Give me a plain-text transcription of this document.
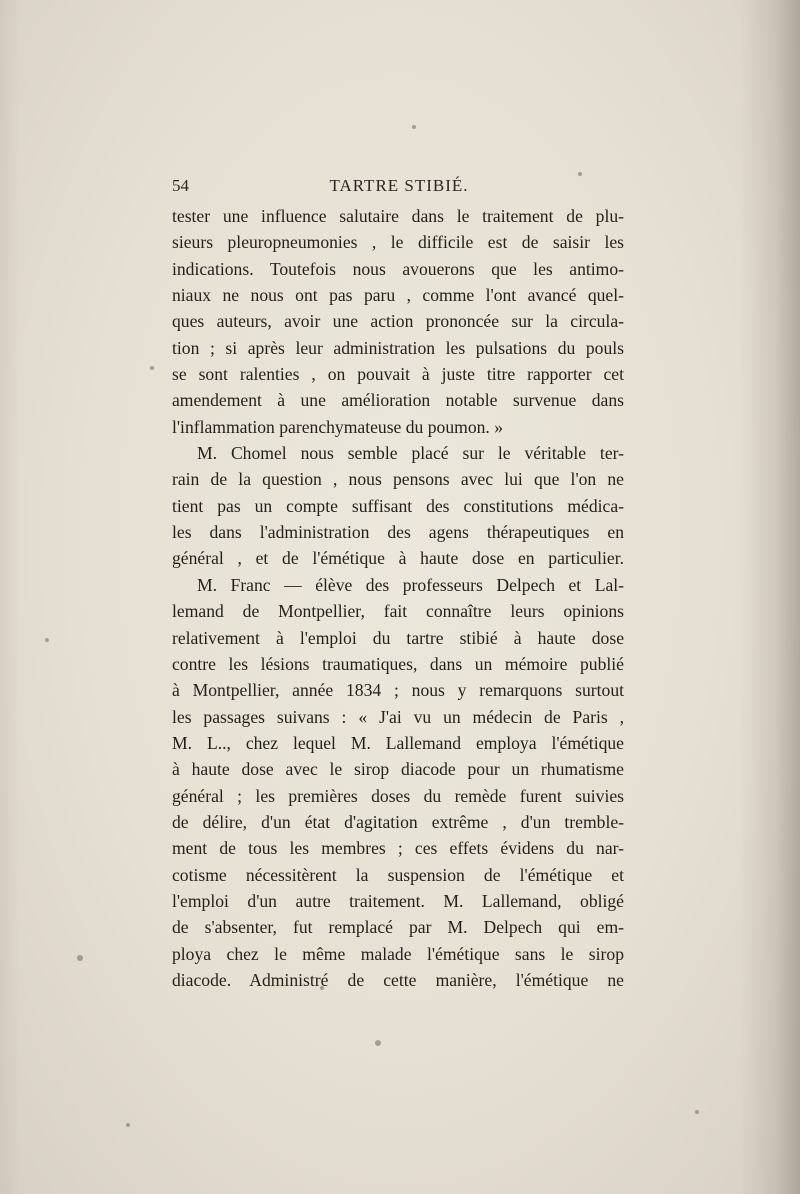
54	TARTRE STIBIÉ.
tester une influence salutaire dans le traitement de plu-
sieurs pleuropneumonies , le difficile est de saisir les
indications. Toutefois nous avouerons que les antimo-
niaux ne nous ont pas paru , comme l'ont avancé quel-
ques auteurs, avoir une action prononcée sur la circula-
tion ; si après leur administration les pulsations du pouls
se sont ralenties , on pouvait à juste titre rapporter cet
amendement à une amélioration notable survenue dans
l'inflammation parenchymateuse du poumon. »
M. Chomel nous semble placé sur le véritable ter-
rain de la question , nous pensons avec lui que l'on ne
tient pas un compte suffisant des constitutions médica-
les dans l'administration des agens thérapeutiques en
général , et de l'émétique à haute dose en particulier.
M. Franc — élève des professeurs Delpech et Lal-
lemand de Montpellier, fait connaître leurs opinions
relativement à l'emploi du tartre stibié à haute dose
contre les lésions traumatiques, dans un mémoire publié
à Montpellier, année 1834 ; nous y remarquons surtout
les passages suivans : « J'ai vu un médecin de Paris ,
M. L.., chez lequel M. Lallemand employa l'émétique
à haute dose avec le sirop diacode pour un rhumatisme
général ; les premières doses du remède furent suivies
de délire, d'un état d'agitation extrême , d'un tremble-
ment de tous les membres ; ces effets évidens du nar-
cotisme nécessitèrent la suspension de l'émétique et
l'emploi d'un autre traitement. M. Lallemand, obligé
de s'absenter, fut remplacé par M. Delpech qui em-
ploya chez le même malade l'émétique sans le sirop
diacode. Administré de cette manière, l'émétique ne
